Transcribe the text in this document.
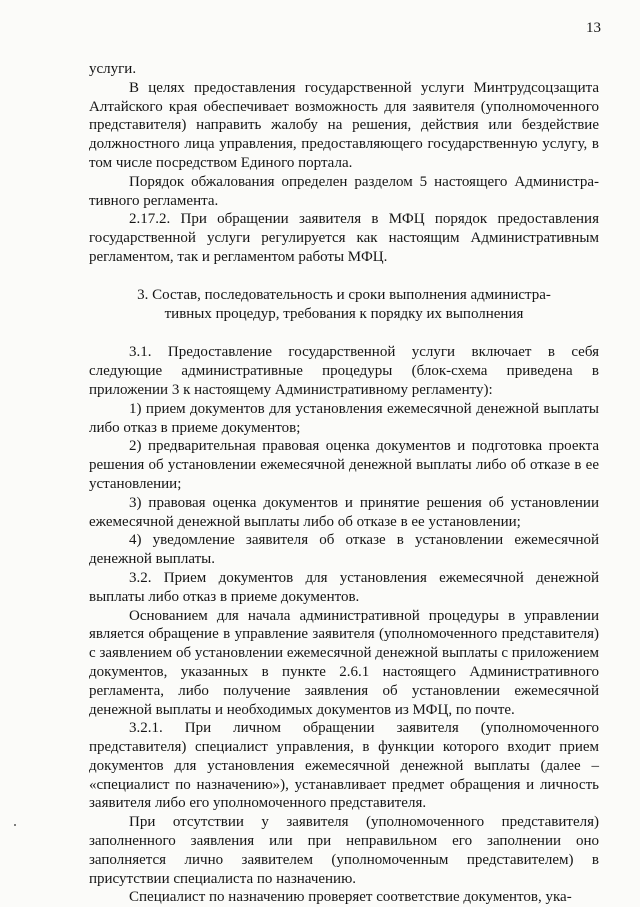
13

услуги.

В целях предоставления государственной услуги Минтрудсоцзащита Алтайского края обеспечивает возможность для заявителя (уполномоченного представителя) направить жалобу на решения, действия или бездействие должностного лица управления, предоставляющего государственную услугу, в том числе посредством Единого портала.

Порядок обжалования определен разделом 5 настоящего Администра-тивного регламента.

2.17.2. При обращении заявителя в МФЦ порядок предоставления государственной услуги регулируется как настоящим Административным регламентом, так и регламентом работы МФЦ.

3. Состав, последовательность и сроки выполнения администра-
тивных процедур, требования к порядку их выполнения

3.1. Предоставление государственной услуги включает в себя следующие административные процедуры (блок-схема приведена в приложении 3 к настоящему Административному регламенту):

1) прием документов для установления ежемесячной денежной выплаты либо отказ в приеме документов;

2) предварительная правовая оценка документов и подготовка проекта решения об установлении ежемесячной денежной выплаты либо об отказе в ее установлении;

3) правовая оценка документов и принятие решения об установлении ежемесячной денежной выплаты либо об отказе в ее установлении;

4) уведомление заявителя об отказе в установлении ежемесячной денежной выплаты.

3.2. Прием документов для установления ежемесячной денежной выплаты либо отказ в приеме документов.

Основанием для начала административной процедуры в управлении является обращение в управление заявителя (уполномоченного представителя) с заявлением об установлении ежемесячной денежной выплаты с приложением документов, указанных в пункте 2.6.1 настоящего Административного регламента, либо получение заявления об установлении ежемесячной денежной выплаты и необходимых документов из МФЦ, по почте.

3.2.1. При личном обращении заявителя (уполномоченного представителя) специалист управления, в функции которого входит прием документов для установления ежемесячной денежной выплаты (далее – «специалист по назначению»), устанавливает предмет обращения и личность заявителя либо его уполномоченного представителя.

При отсутствии у заявителя (уполномоченного представителя) заполненного заявления или при неправильном его заполнении оно заполняется лично заявителем (уполномоченным представителем) в присутствии специалиста по назначению.

Специалист по назначению проверяет соответствие документов, ука-
